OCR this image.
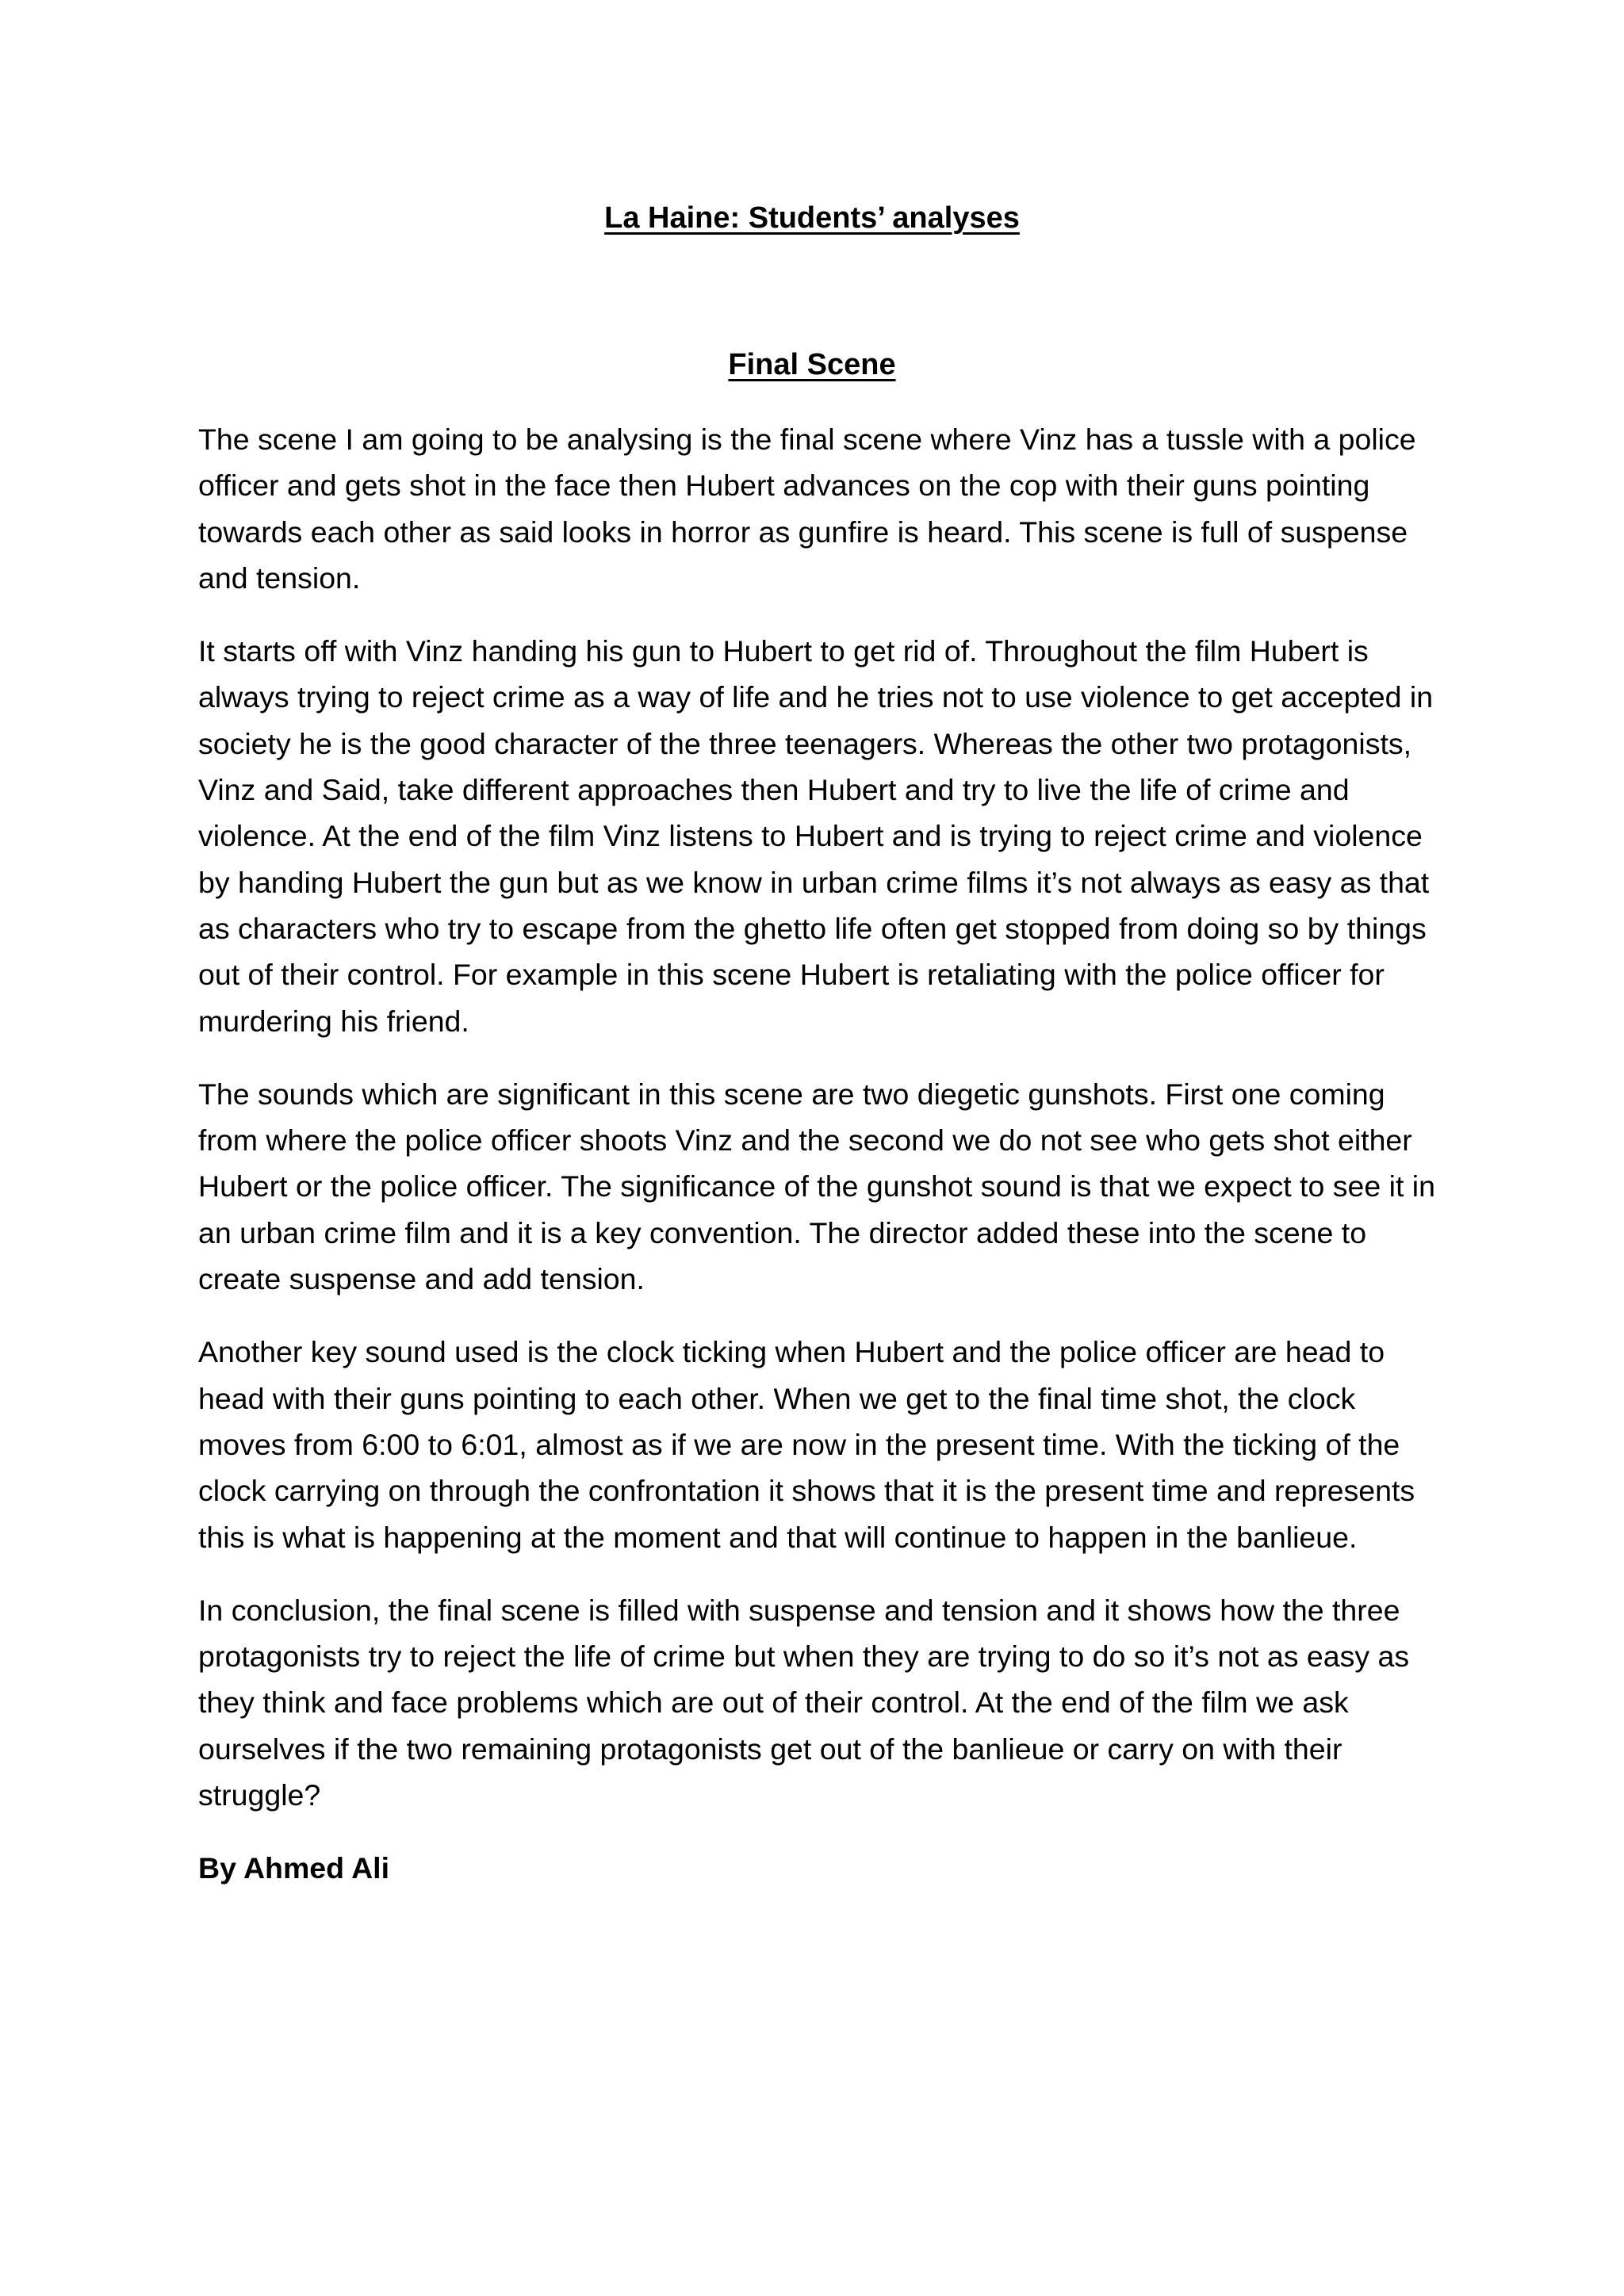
La Haine: Students’ analyses
Final Scene

The scene I am going to be analysing is the final scene where Vinz has a tussle with a police officer and gets shot in the face then Hubert advances on the cop with their guns pointing towards each other as said looks in horror as gunfire is heard. This scene is full of suspense and tension.

It starts off with Vinz handing his gun to Hubert to get rid of. Throughout the film Hubert is always trying to reject crime as a way of life and he tries not to use violence to get accepted in society he is the good character of the three teenagers. Whereas the other two protagonists, Vinz and Said, take different approaches then Hubert and try to live the life of crime and violence. At the end of the film Vinz listens to Hubert and is trying to reject crime and violence by handing Hubert the gun but as we know in urban crime films it’s not always as easy as that as characters who try to escape from the ghetto life often get stopped from doing so by things out of their control. For example in this scene Hubert is retaliating with the police officer for murdering his friend.

The sounds which are significant in this scene are two diegetic gunshots. First one coming from where the police officer shoots Vinz and the second we do not see who gets shot either Hubert or the police officer. The significance of the gunshot sound is that we expect to see it in an urban crime film and it is a key convention. The director added these into the scene to create suspense and add tension.

Another key sound used is the clock ticking when Hubert and the police officer are head to head with their guns pointing to each other. When we get to the final time shot, the clock moves from 6:00 to 6:01, almost as if we are now in the present time. With the ticking of the clock carrying on through the confrontation it shows that it is the present time and represents this is what is happening at the moment and that will continue to happen in the banlieue.

In conclusion, the final scene is filled with suspense and tension and it shows how the three protagonists try to reject the life of crime but when they are trying to do so it’s not as easy as they think and face problems which are out of their control. At the end of the film we ask ourselves if the two remaining protagonists get out of the banlieue or carry on with their struggle?

By Ahmed Ali
